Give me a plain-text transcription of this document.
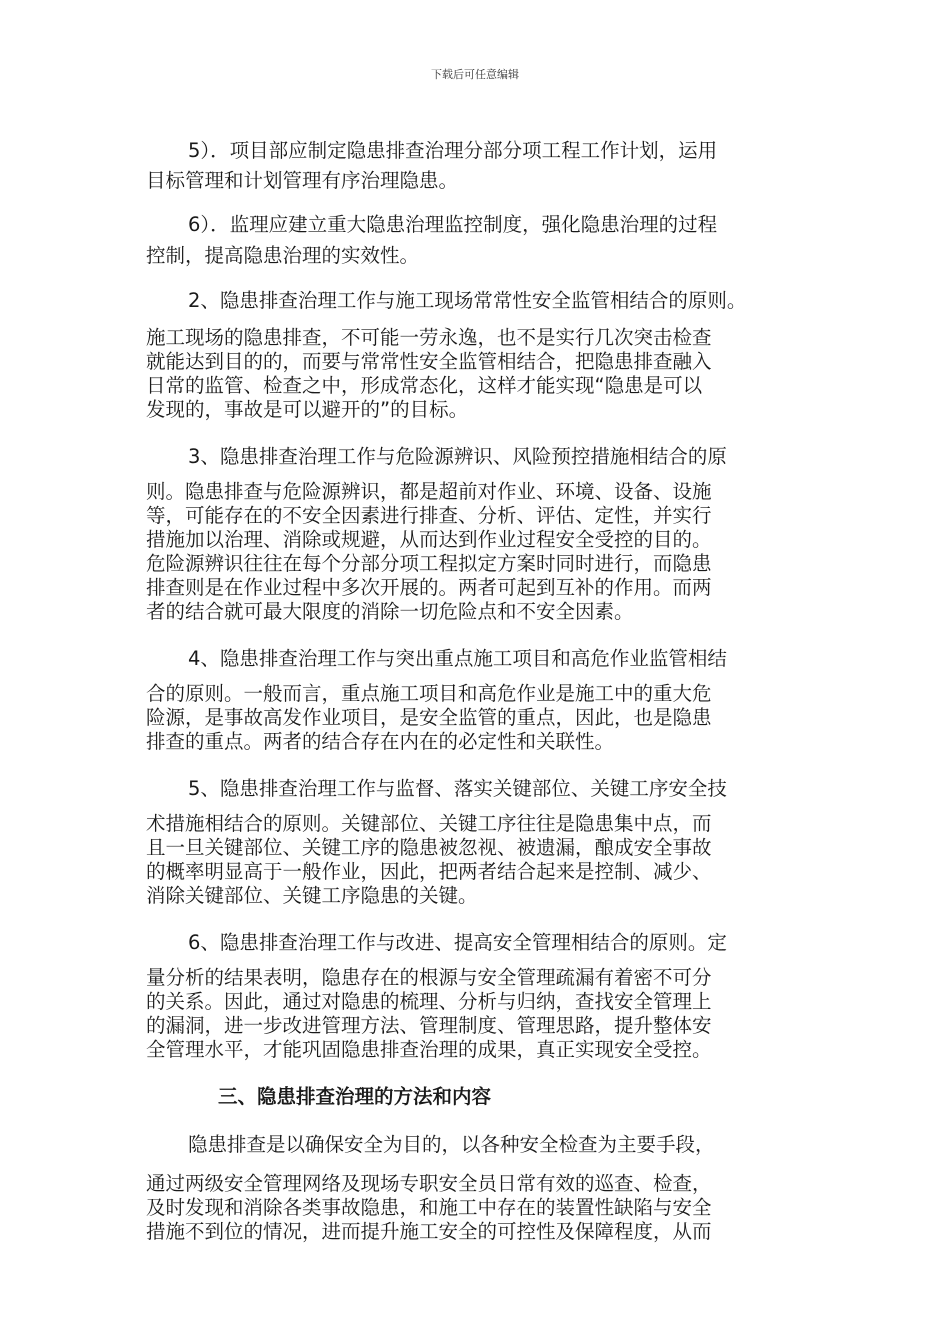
下载后可任意编辑
5）．项目部应制定隐患排查治理分部分项工程工作计划，运用
目标管理和计划管理有序治理隐患。
6）．监理应建立重大隐患治理监控制度，强化隐患治理的过程
控制，提高隐患治理的实效性。
2、隐患排查治理工作与施工现场常常性安全监管相结合的原则。
施工现场的隐患排查，不可能一劳永逸，也不是实行几次突击检查
就能达到目的的，而要与常常性安全监管相结合，把隐患排查融入
日常的监管、检查之中，形成常态化，这样才能实现“隐患是可以
发现的，事故是可以避开的”的目标。
3、隐患排查治理工作与危险源辨识、风险预控措施相结合的原
则。隐患排查与危险源辨识，都是超前对作业、环境、设备、设施
等，可能存在的不安全因素进行排查、分析、评估、定性，并实行
措施加以治理、消除或规避，从而达到作业过程安全受控的目的。
危险源辨识往往在每个分部分项工程拟定方案时同时进行，而隐患
排查则是在作业过程中多次开展的。两者可起到互补的作用。而两
者的结合就可最大限度的消除一切危险点和不安全因素。
4、隐患排查治理工作与突出重点施工项目和高危作业监管相结
合的原则。一般而言，重点施工项目和高危作业是施工中的重大危
险源，是事故高发作业项目，是安全监管的重点，因此，也是隐患
排查的重点。两者的结合存在内在的必定性和关联性。
5、隐患排查治理工作与监督、落实关键部位、关键工序安全技
术措施相结合的原则。关键部位、关键工序往往是隐患集中点，而
且一旦关键部位、关键工序的隐患被忽视、被遗漏，酿成安全事故
的概率明显高于一般作业，因此，把两者结合起来是控制、减少、
消除关键部位、关键工序隐患的关键。
6、隐患排查治理工作与改进、提高安全管理相结合的原则。定
量分析的结果表明，隐患存在的根源与安全管理疏漏有着密不可分
的关系。因此，通过对隐患的梳理、分析与归纳，查找安全管理上
的漏洞，进一步改进管理方法、管理制度、管理思路，提升整体安
全管理水平，才能巩固隐患排查治理的成果，真正实现安全受控。
三、隐患排查治理的方法和内容
隐患排查是以确保安全为目的，以各种安全检查为主要手段，
通过两级安全管理网络及现场专职安全员日常有效的巡查、检查，
及时发现和消除各类事故隐患，和施工中存在的装置性缺陷与安全
措施不到位的情况，进而提升施工安全的可控性及保障程度，从而
